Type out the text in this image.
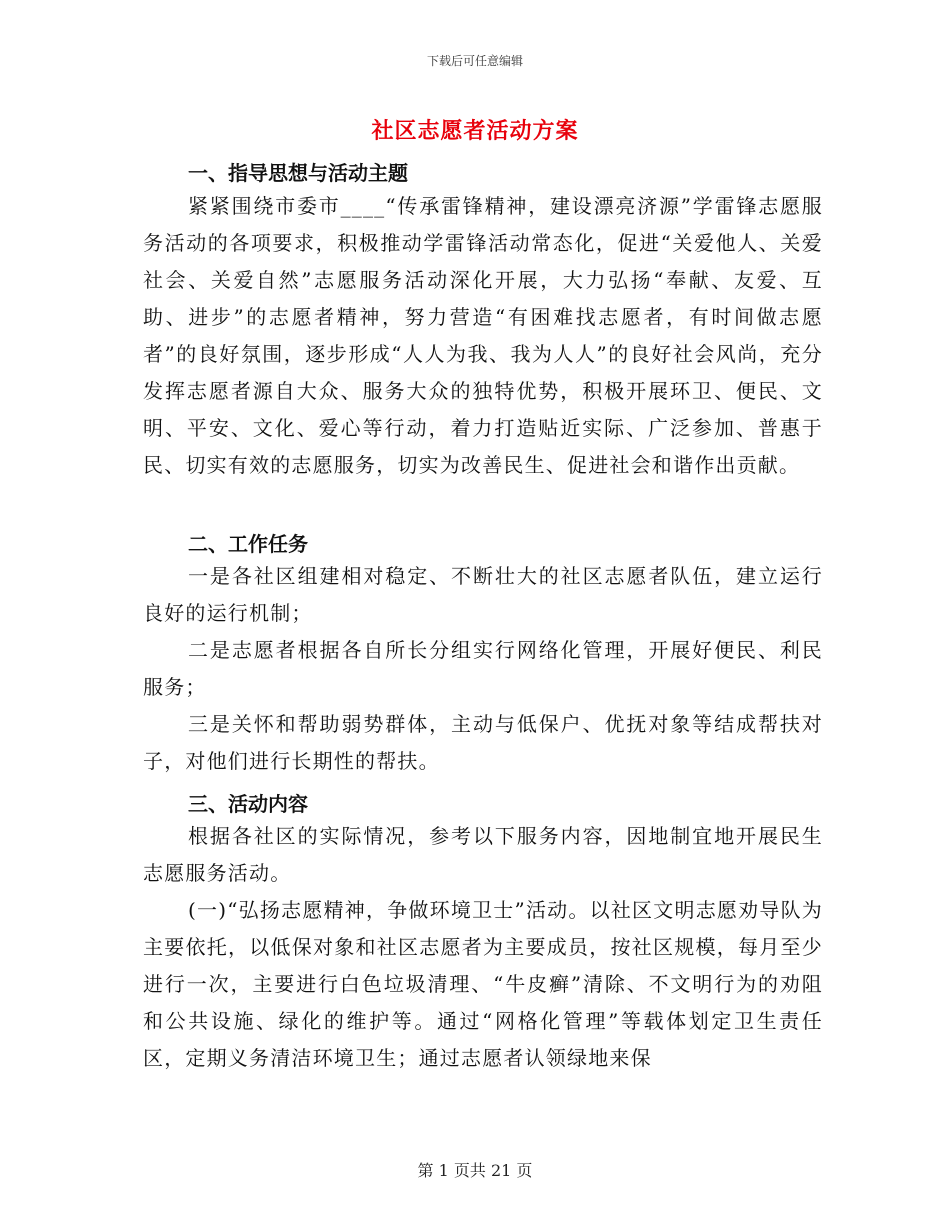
下载后可任意编辑
社区志愿者活动方案
一、指导思想与活动主题

紧紧围绕市委市____“传承雷锋精神，建设漂亮济源”学雷锋志愿服务活动的各项要求，积极推动学雷锋活动常态化，促进“关爱他人、关爱社会、关爱自然”志愿服务活动深化开展，大力弘扬“奉献、友爱、互助、进步”的志愿者精神，努力营造“有困难找志愿者，有时间做志愿者”的良好氛围，逐步形成“人人为我、我为人人”的良好社会风尚，充分发挥志愿者源自大众、服务大众的独特优势，积极开展环卫、便民、文明、平安、文化、爱心等行动，着力打造贴近实际、广泛参加、普惠于民、切实有效的志愿服务，切实为改善民生、促进社会和谐作出贡献。

二、工作任务

一是各社区组建相对稳定、不断壮大的社区志愿者队伍，建立运行良好的运行机制；

二是志愿者根据各自所长分组实行网络化管理，开展好便民、利民服务；

三是关怀和帮助弱势群体，主动与低保户、优抚对象等结成帮扶对子，对他们进行长期性的帮扶。

三、活动内容

根据各社区的实际情况，参考以下服务内容，因地制宜地开展民生志愿服务活动。

(一)“弘扬志愿精神，争做环境卫士”活动。以社区文明志愿劝导队为主要依托，以低保对象和社区志愿者为主要成员，按社区规模，每月至少进行一次，主要进行白色垃圾清理、“牛皮癣”清除、不文明行为的劝阻和公共设施、绿化的维护等。通过“网格化管理”等载体划定卫生责任区，定期义务清洁环境卫生；通过志愿者认领绿地来保

第 1 页共 21 页
